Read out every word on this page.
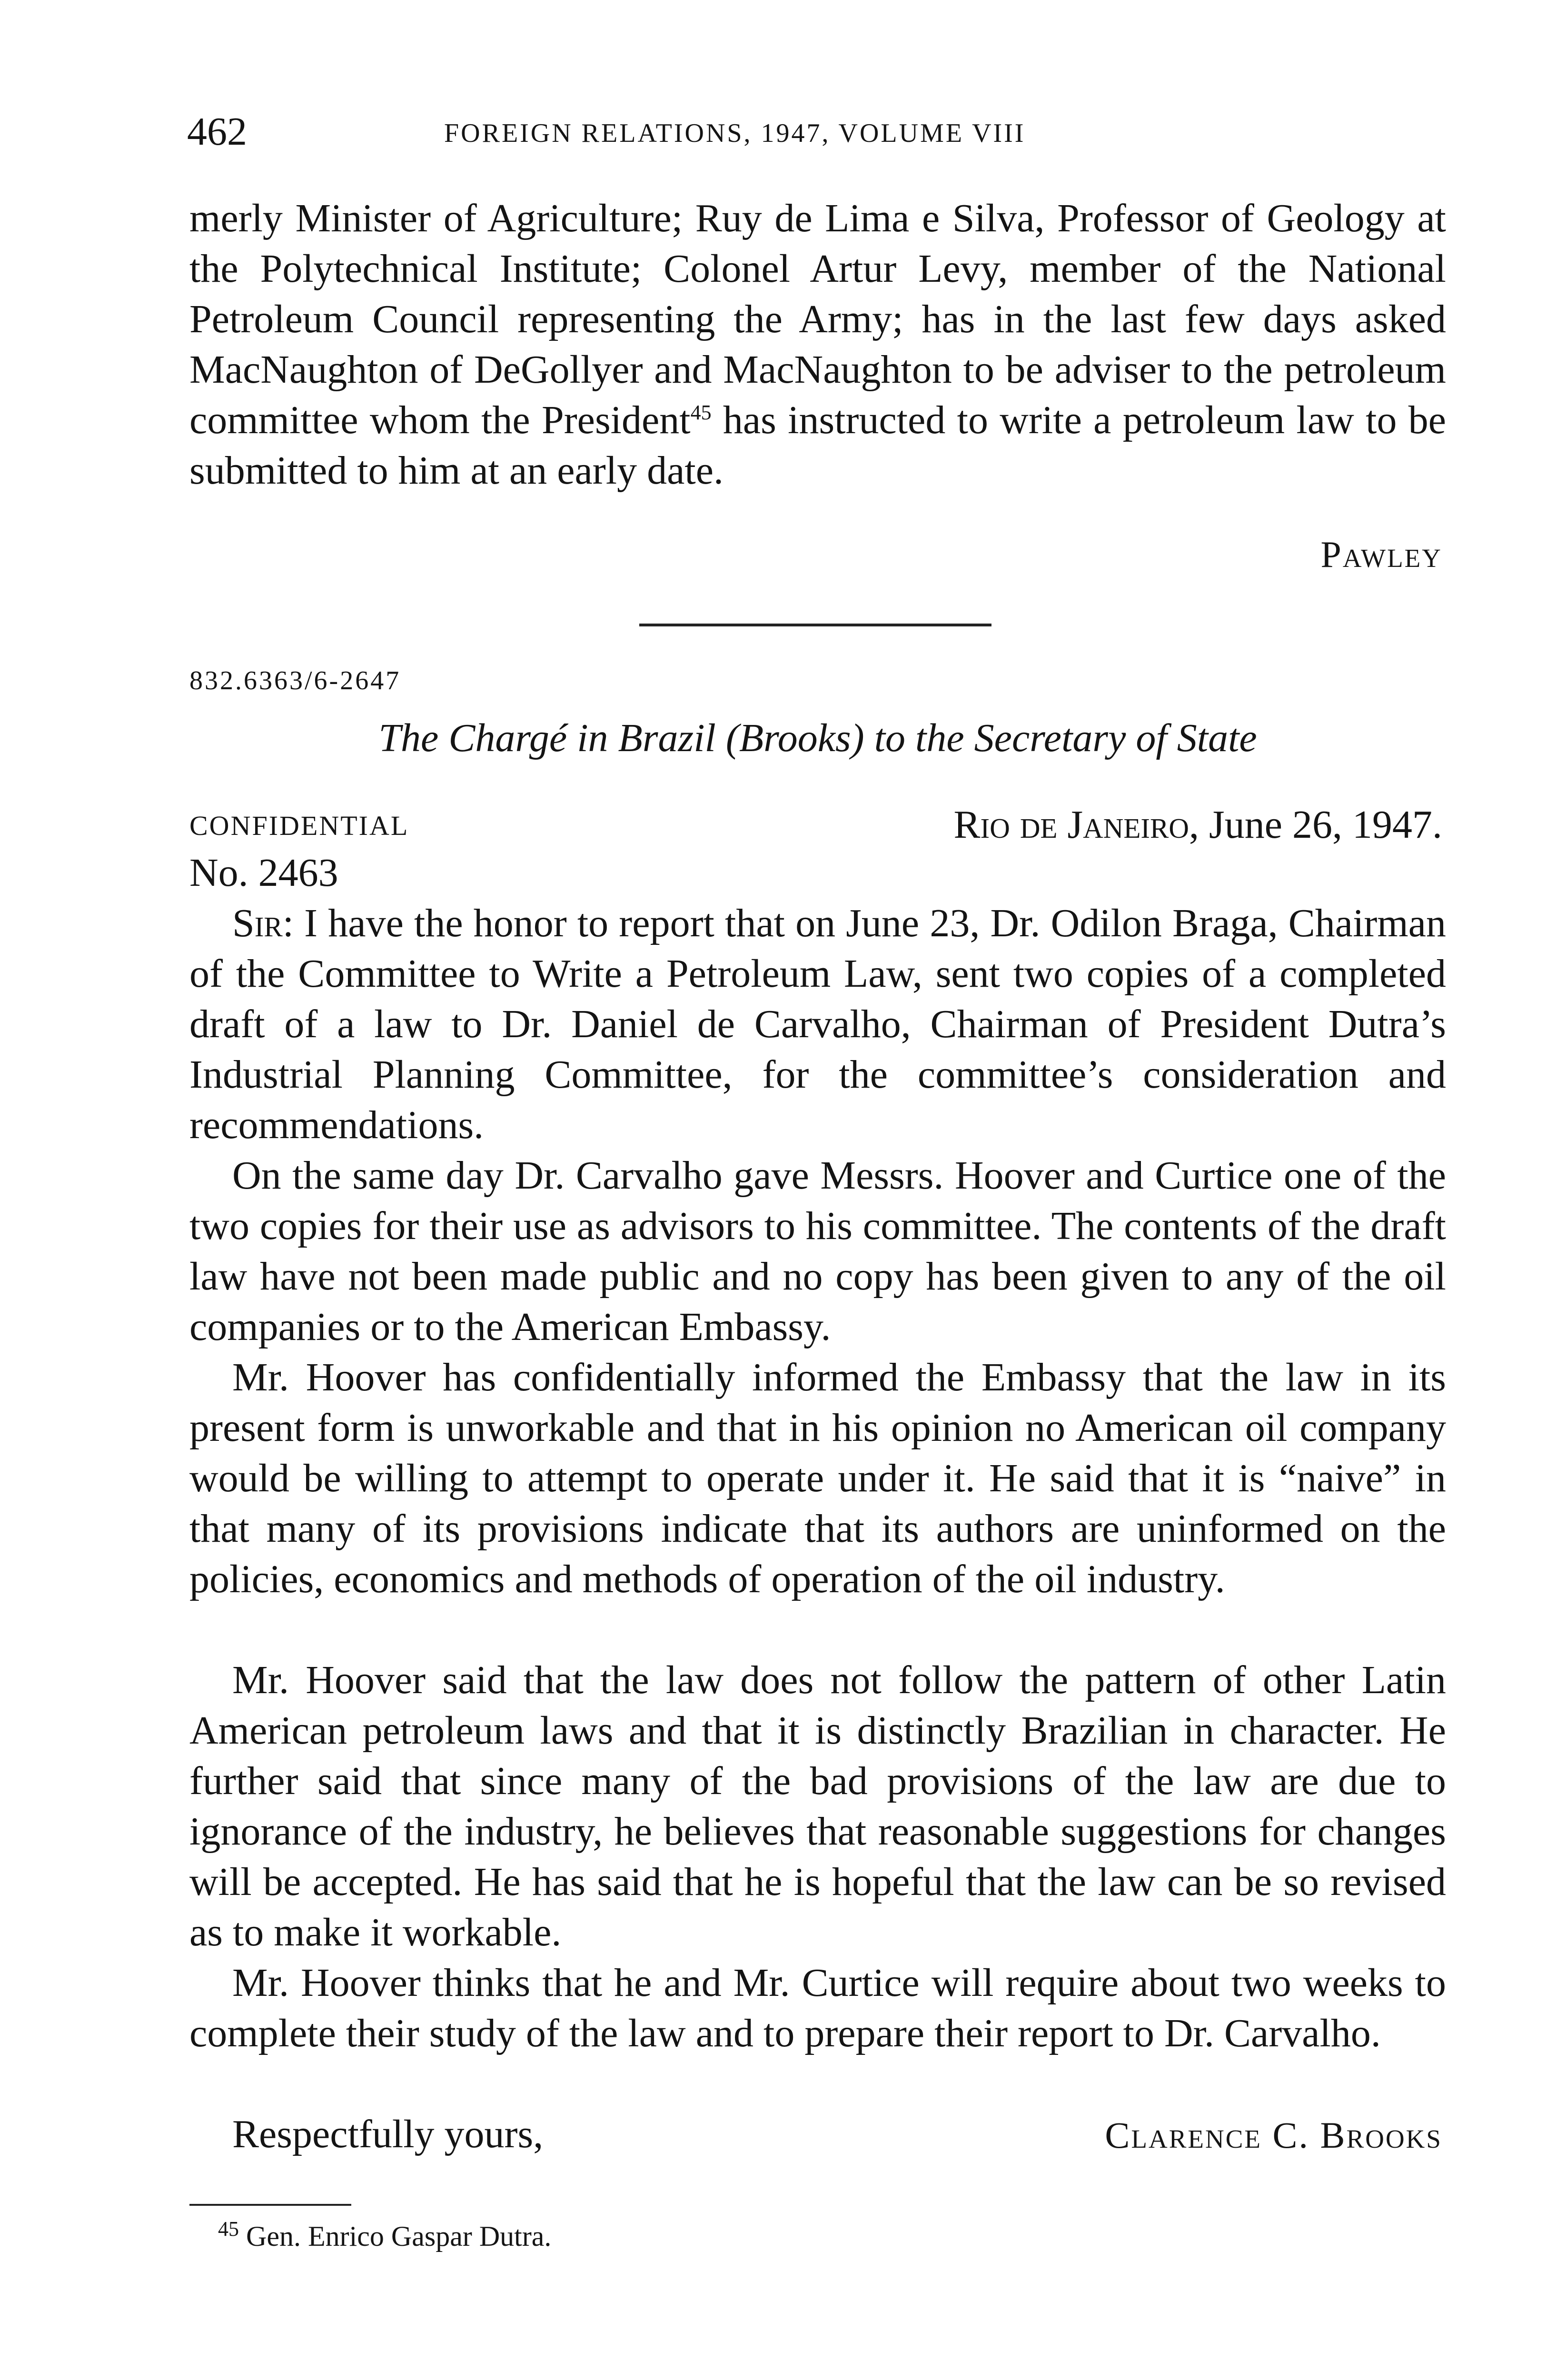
462	FOREIGN RELATIONS, 1947, VOLUME VIII

merly Minister of Agriculture; Ruy de Lima e Silva, Professor of Geology at the Polytechnical Institute; Colonel Artur Levy, member of the National Petroleum Council representing the Army; has in the last few days asked MacNaughton of DeGollyer and MacNaughton to be adviser to the petroleum committee whom the President$^{45}$ has instructed to write a petroleum law to be submitted to him at an early date.

Pawley
832.6363/6-2647
The Chargé in Brazil (Brooks) to the Secretary of State
CONFIDENTIAL	Rio de Janeiro, June 26, 1947.
No. 2463

Sir: I have the honor to report that on June 23, Dr. Odilon Braga, Chairman of the Committee to Write a Petroleum Law, sent two copies of a completed draft of a law to Dr. Daniel de Carvalho, Chairman of President Dutra’s Industrial Planning Committee, for the committee’s consideration and recommendations.

On the same day Dr. Carvalho gave Messrs. Hoover and Curtice one of the two copies for their use as advisors to his committee. The contents of the draft law have not been made public and no copy has been given to any of the oil companies or to the American Embassy.

Mr. Hoover has confidentially informed the Embassy that the law in its present form is unworkable and that in his opinion no American oil company would be willing to attempt to operate under it. He said that it is “naive” in that many of its provisions indicate that its authors are uninformed on the policies, economics and methods of operation of the oil industry.

Mr. Hoover said that the law does not follow the pattern of other Latin American petroleum laws and that it is distinctly Brazilian in character. He further said that since many of the bad provisions of the law are due to ignorance of the industry, he believes that reasonable suggestions for changes will be accepted. He has said that he is hopeful that the law can be so revised as to make it workable.

Mr. Hoover thinks that he and Mr. Curtice will require about two weeks to complete their study of the law and to prepare their report to Dr. Carvalho.

Respectfully yours,	Clarence C. Brooks
$^{45}$ Gen. Enrico Gaspar Dutra.
